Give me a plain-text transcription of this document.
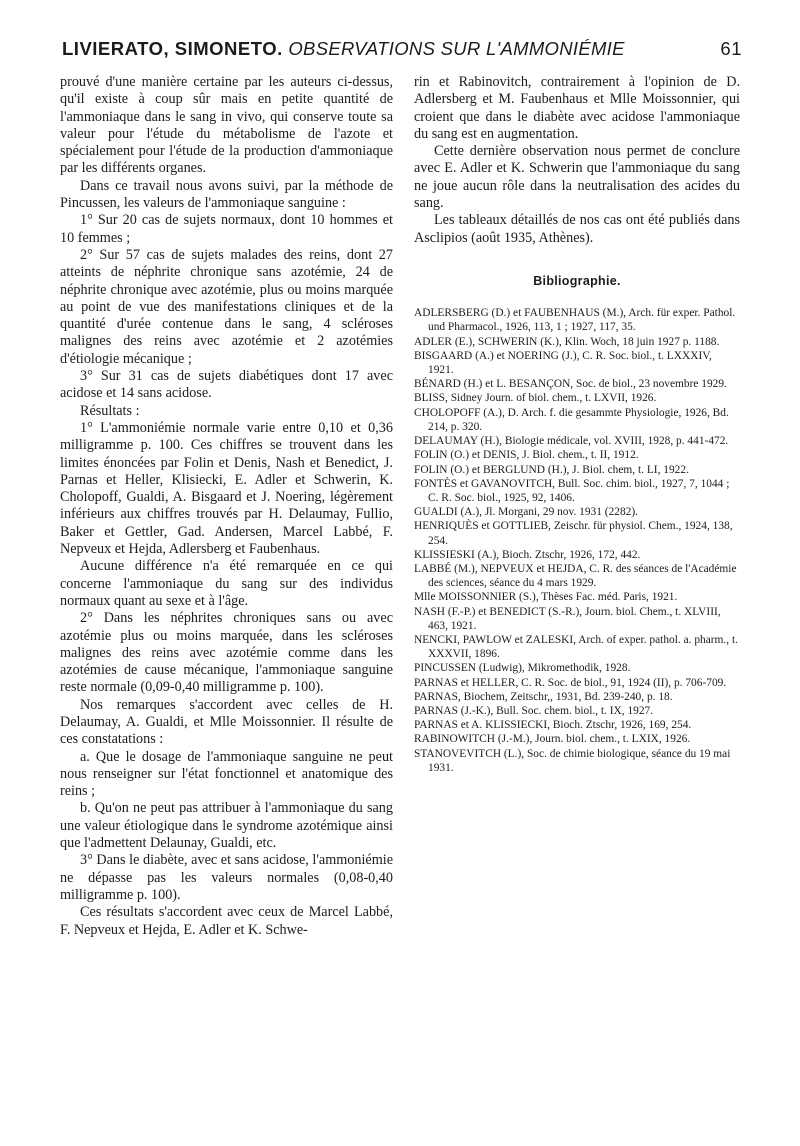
LIVIERATO, SIMONETO. OBSERVATIONS SUR L'AMMONIÉMIE	61

prouvé d'une manière certaine par les auteurs ci-dessus, qu'il existe à coup sûr mais en petite quantité de l'ammoniaque dans le sang in vivo, qui conserve toute sa valeur pour l'étude du métabolisme de l'azote et spécialement pour l'étude de la production d'ammoniaque par les différents organes.

Dans ce travail nous avons suivi, par la méthode de Pincussen, les valeurs de l'ammoniaque sanguine :

1° Sur 20 cas de sujets normaux, dont 10 hommes et 10 femmes ;

2° Sur 57 cas de sujets malades des reins, dont 27 atteints de néphrite chronique sans azotémie, 24 de néphrite chronique avec azotémie, plus ou moins marquée au point de vue des manifestations cliniques et de la quantité d'urée contenue dans le sang, 4 scléroses malignes des reins avec azotémie et 2 azotémies d'étiologie mécanique ;

3° Sur 31 cas de sujets diabétiques dont 17 avec acidose et 14 sans acidose.

Résultats :

1° L'ammoniémie normale varie entre 0,10 et 0,36 milligramme p. 100. Ces chiffres se trouvent dans les limites énoncées par Folin et Denis, Nash et Benedict, J. Parnas et Heller, Klisiecki, E. Adler et Schwerin, K. Cholopoff, Gualdi, A. Bisgaard et J. Noering, légèrement inférieurs aux chiffres trouvés par H. Delaumay, Fullio, Baker et Gettler, Gad. Andersen, Marcel Labbé, F. Nepveux et Hejda, Adlersberg et Faubenhaus.

Aucune différence n'a été remarquée en ce qui concerne l'ammoniaque du sang sur des individus normaux quant au sexe et à l'âge.

2° Dans les néphrites chroniques sans ou avec azotémie plus ou moins marquée, dans les scléroses malignes des reins avec azotémie comme dans les azotémies de cause mécanique, l'ammoniaque sanguine reste normale (0,09-0,40 milligramme p. 100).

Nos remarques s'accordent avec celles de H. Delaumay, A. Gualdi, et Mlle Moissonnier. Il résulte de ces constatations :

a. Que le dosage de l'ammoniaque sanguine ne peut nous renseigner sur l'état fonctionnel et anatomique des reins ;

b. Qu'on ne peut pas attribuer à l'ammoniaque du sang une valeur étiologique dans le syndrome azotémique ainsi que l'admettent Delaunay, Gualdi, etc.

3° Dans le diabète, avec et sans acidose, l'ammoniémie ne dépasse pas les valeurs normales (0,08-0,40 milligramme p. 100).

Ces résultats s'accordent avec ceux de Marcel Labbé, F. Nepveux et Hejda, E. Adler et K. Schwe-

rin et Rabinovitch, contrairement à l'opinion de D. Adlersberg et M. Faubenhaus et Mlle Moissonnier, qui croient que dans le diabète avec acidose l'ammoniaque du sang est en augmentation.

Cette dernière observation nous permet de conclure avec E. Adler et K. Schwerin que l'ammoniaque du sang ne joue aucun rôle dans la neutralisation des acides du sang.

Les tableaux détaillés de nos cas ont été publiés dans Asclipios (août 1935, Athènes).

Bibliographie.

ADLERSBERG (D.) et FAUBENHAUS (M.), Arch. für exper. Pathol. und Pharmacol., 1926, 113, 1 ; 1927, 117, 35.

ADLER (E.), SCHWERIN (K.), Klin. Woch, 18 juin 1927 p. 1188.

BISGAARD (A.) et NOERING (J.), C. R. Soc. biol., t. LXXXIV, 1921.

BÉNARD (H.) et L. BESANÇON, Soc. de biol., 23 novembre 1929.

BLISS, Sidney Journ. of biol. chem., t. LXVII, 1926.

CHOLOPOFF (A.), D. Arch. f. die gesammte Physiologie, 1926, Bd. 214, p. 320.

DELAUMAY (H.), Biologie médicale, vol. XVIII, 1928, p. 441-472.

FOLIN (O.) et DENIS, J. Biol. chem., t. II, 1912.

FOLIN (O.) et BERGLUND (H.), J. Biol. chem, t. LI, 1922.

FONTÈS et GAVANOVITCH, Bull. Soc. chim. biol., 1927, 7, 1044 ; C. R. Soc. biol., 1925, 92, 1406.

GUALDI (A.), Jl. Morgani, 29 nov. 1931 (2282).

HENRIQUÈS et GOTTLIEB, Zeischr. für physiol. Chem., 1924, 138, 254.

KLISSIESKI (A.), Bioch. Ztschr, 1926, 172, 442.

LABBÉ (M.), NEPVEUX et HEJDA, C. R. des séances de l'Académie des sciences, séance du 4 mars 1929.

Mlle MOISSONNIER (S.), Thèses Fac. méd. Paris, 1921.

NASH (F.-P.) et BENEDICT (S.-R.), Journ. biol. Chem., t. XLVIII, 463, 1921.

NENCKI, PAWLOW et ZALESKI, Arch. of exper. pathol. a. pharm., t. XXXVII, 1896.

PINCUSSEN (Ludwig), Mikromethodik, 1928.

PARNAS et HELLER, C. R. Soc. de biol., 91, 1924 (II), p. 706-709.

PARNAS, Biochem, Zeitschr,, 1931, Bd. 239-240, p. 18.

PARNAS (J.-K.), Bull. Soc. chem. biol., t. IX, 1927.

PARNAS et A. KLISSIECKI, Bioch. Ztschr, 1926, 169, 254.

RABINOWITCH (J.-M.), Journ. biol. chem., t. LXIX, 1926.

STANOVEVITCH (L.), Soc. de chimie biologique, séance du 19 mai 1931.
